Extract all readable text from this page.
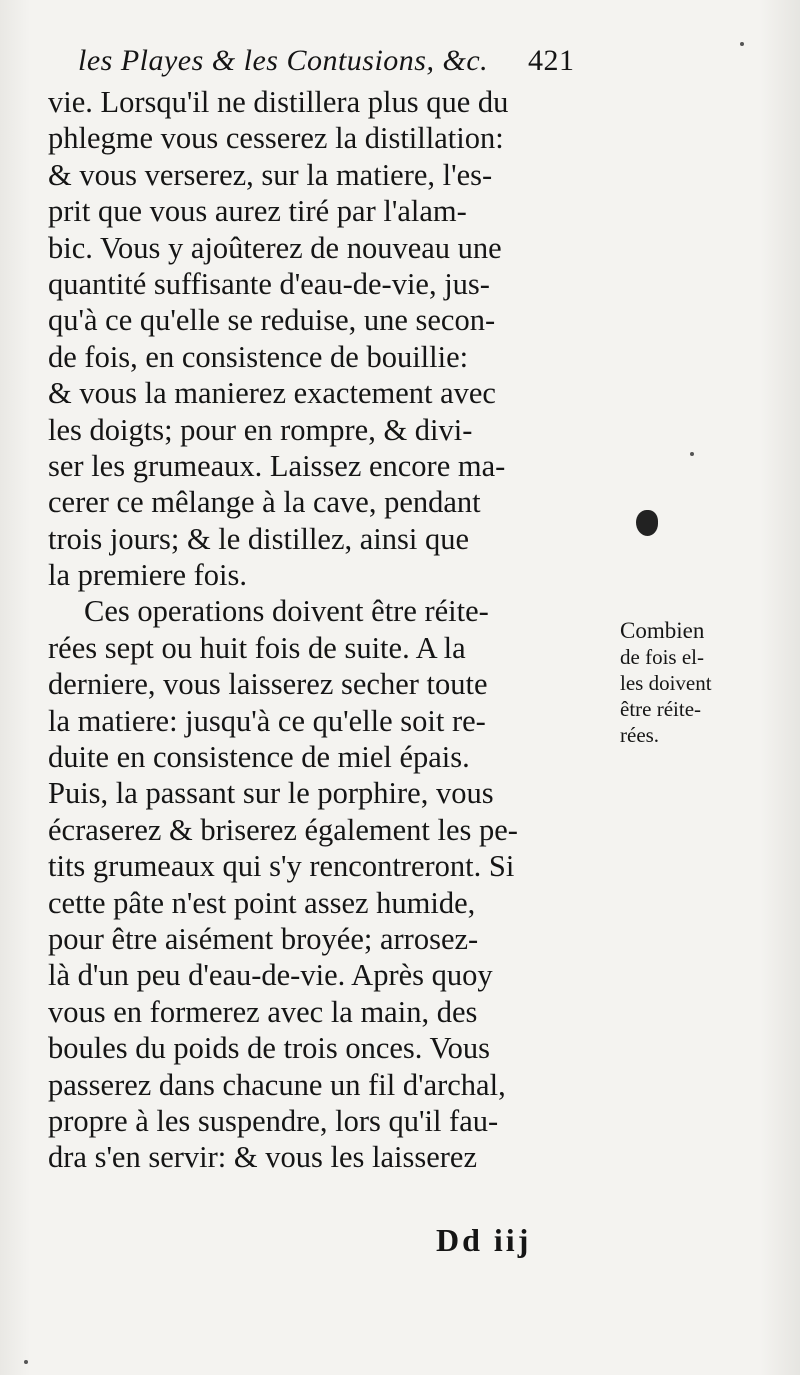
les Playes & les Contusions, &c. 421
vie. Lorsqu'il ne distillera plus que du
phlegme vous cesserez la distillation:
& vous verserez, sur la matiere, l'es-
prit que vous aurez tiré par l'alam-
bic. Vous y ajoûterez de nouveau une
quantité suffisante d'eau-de-vie, jus-
qu'à ce qu'elle se reduise, une secon-
de fois, en consistence de bouillie:
& vous la manierez exactement avec
les doigts; pour en rompre, & divi-
ser les grumeaux. Laissez encore ma-
cerer ce mêlange à la cave, pendant
trois jours; & le distillez, ainsi que
la premiere fois.
Ces operations doivent être réite-
rées sept ou huit fois de suite. A la
derniere, vous laisserez secher toute
la matiere: jusqu'à ce qu'elle soit re-
duite en consistence de miel épais.
Puis, la passant sur le porphire, vous
écraserez & briserez également les pe-
tits grumeaux qui s'y rencontreront. Si
cette pâte n'est point assez humide,
pour être aisément broyée; arrosez-
là d'un peu d'eau-de-vie. Après quoy
vous en formerez avec la main, des
boules du poids de trois onces. Vous
passerez dans chacune un fil d'archal,
propre à les suspendre, lors qu'il fau-
dra s'en servir: & vous les laisserez
Combien
de fois el-
les doivent
être réite-
rées.
Dd iij
